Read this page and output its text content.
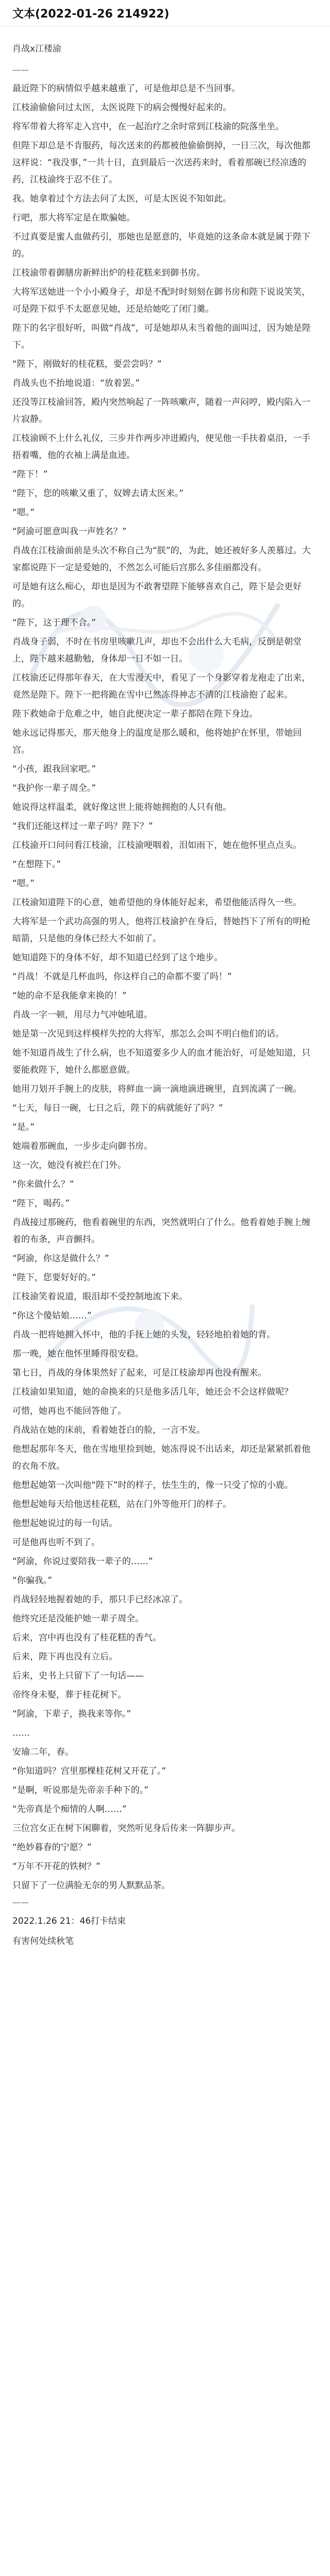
文本(2022-01-26 214922)
肖战x江楼渝
——
最近陛下的病情似乎越来越重了，可是他却总是不当回事。
江枝渝偷偷问过太医，太医说陛下的病会慢慢好起来的。
将军带着大将军走入宫中，在一起治疗之余时常到江枝渝的院落坐坐。
但陛下却总是不肯服药，每次送来的药都被他偷偷倒掉，一日三次，每次他都这样说：“我没事，”一共十日，直到最后一次送药来时，看着那碗已经凉透的药，江枝渝终于忍不住了。
我。她拿着过个方法去问了太医，可是太医说不知如此。
行吧，那大将军定是在欺骗她。
不过真要是蜜人血做药引，那她也是愿意的，毕竟她的这条命本就是属于陛下的。
江枝渝带着御膳房新鲜出炉的桂花糕来到御书房。
大将军送她进一个小小殿身子，却是不配时时刻刻在御书房和陛下说说笑笑，可是陛下似乎不太愿意见她，还是给她吃了闭门羹。
陛下的名字很好听，叫做“肖战”，可是她却从未当着他的面叫过，因为她是陛下。
“陛下，刚做好的桂花糕，要尝尝吗？”
肖战头也不抬地说道：“放着罢。”
还没等江枝渝回答，殿内突然响起了一阵咳嗽声，随着一声闷哼，殿内陷入一片寂静。
江枝渝顾不上什么礼仪，三步并作两步冲进殿内，便见他一手扶着桌沿，一手捂着嘴，他的衣袖上满是血迹。
“陛下！”
“陛下，您的咳嗽又重了，奴婢去请太医来。”
“嗯。”
“阿渝可愿意叫我一声姓名？”
肖战在江枝渝面前是头次不称自己为“朕”的，为此，她还被好多人羡慕过。大家都说陛下一定是爱她的，不然怎么可能后宫那么多佳丽都没有。
可是她有这么痴心，却也是因为不敢奢望陛下能够喜欢自己，陛下是会更好的。
“陛下，这于理不合。”
肖战身子弱，不时在书房里咳嗽几声，却也不会出什么大毛病，反倒是朝堂上，陛下越来越勤勉，身体却一日不如一日。
江枝渝还记得那年春天，在大雪漫天中，看见了一个身影穿着龙袍走了出来，竟然是陛下。陛下一把将跪在雪中已然冻得神志不清的江枝渝抱了起来。
陛下救她命于危难之中，她自此便决定一辈子都陪在陛下身边。
她永远记得那天，那天他身上的温度是那么暖和，他将她护在怀里，带她回宫。
“小孩，跟我回家吧。”
“我护你一辈子周全。”
她说得这样温柔，就好像这世上能将她拥抱的人只有他。
“我们还能这样过一辈子吗？陛下？”
江枝渝开口问问看江枝渝，江枝渝哽咽着，泪如雨下，她在他怀里点点头。
“在想陛下。”
“嗯。”
江枝渝知道陛下的心意，她希望他的身体能好起来，希望他能活得久一些。
大将军是一个武功高强的男人，他将江枝渝护在身后，替她挡下了所有的明枪暗箭，只是他的身体已经大不如前了。
她知道陛下的身体不好，却不知道已经到了这个地步。
“肖战！不就是几杯血吗，你这样自己的命都不要了吗！”
“她的命不是我能拿来换的！”
肖战一字一顿，用尽力气冲她吼道。
她是第一次见到这样模样失控的大将军，那怎么会叫不明白他们的话。
她不知道肖战生了什么病，也不知道要多少人的血才能治好，可是她知道，只要能救陛下，她什么都愿意做。
她用刀划开手腕上的皮肤，将鲜血一滴一滴地滴进碗里，直到流满了一碗。
“七天，每日一碗，七日之后，陛下的病就能好了吗？”
“是。”
她端着那碗血，一步步走向御书房。
这一次，她没有被拦在门外。
“你来做什么？”
“陛下，喝药。”
肖战接过那碗药，他看着碗里的东西，突然就明白了什么。他看着她手腕上缠着的布条，声音颤抖。
“阿渝，你这是做什么？”
“陛下，您要好好的。”
江枝渝笑着说道，眼泪却不受控制地流下来。
“你这个傻姑娘……”
肖战一把将她拥入怀中，他的手抚上她的头发，轻轻地拍着她的背。
那一晚，她在他怀里睡得很安稳。
第七日，肖战的身体果然好了起来，可是江枝渝却再也没有醒来。
江枝渝如果知道，她的命换来的只是他多活几年，她还会不会这样做呢？
可惜，她再也不能回答他了。
肖战站在她的床前，看着她苍白的脸，一言不发。
他想起那年冬天，他在雪地里捡到她，她冻得说不出话来，却还是紧紧抓着他的衣角不放。
他想起她第一次叫他“陛下”时的样子，怯生生的，像一只受了惊的小鹿。
他想起她每天给他送桂花糕，站在门外等他开门的样子。
他想起她说过的每一句话。
可是他再也听不到了。
“阿渝，你说过要陪我一辈子的……”
“你骗我。”
肖战轻轻地握着她的手，那只手已经冰凉了。
他终究还是没能护她一辈子周全。
后来，宫中再也没有了桂花糕的香气。
后来，陛下再也没有立后。
后来，史书上只留下了一句话——
帝终身未娶，葬于桂花树下。
“阿渝，下辈子，换我来等你。”
……
安瑜二年，春。
“你知道吗？宫里那棵桂花树又开花了。”
“是啊，听说那是先帝亲手种下的。”
“先帝真是个痴情的人啊……”
三位宫女正在树下闲聊着，突然听见身后传来一阵脚步声。
“绝妙暮春的宁愿？”
“万年不开花的铁树？”
只留下了一位满脸无奈的男人默默品茶。
——
2022.1.26 21：46打卡结束
有害何处续秋笔
